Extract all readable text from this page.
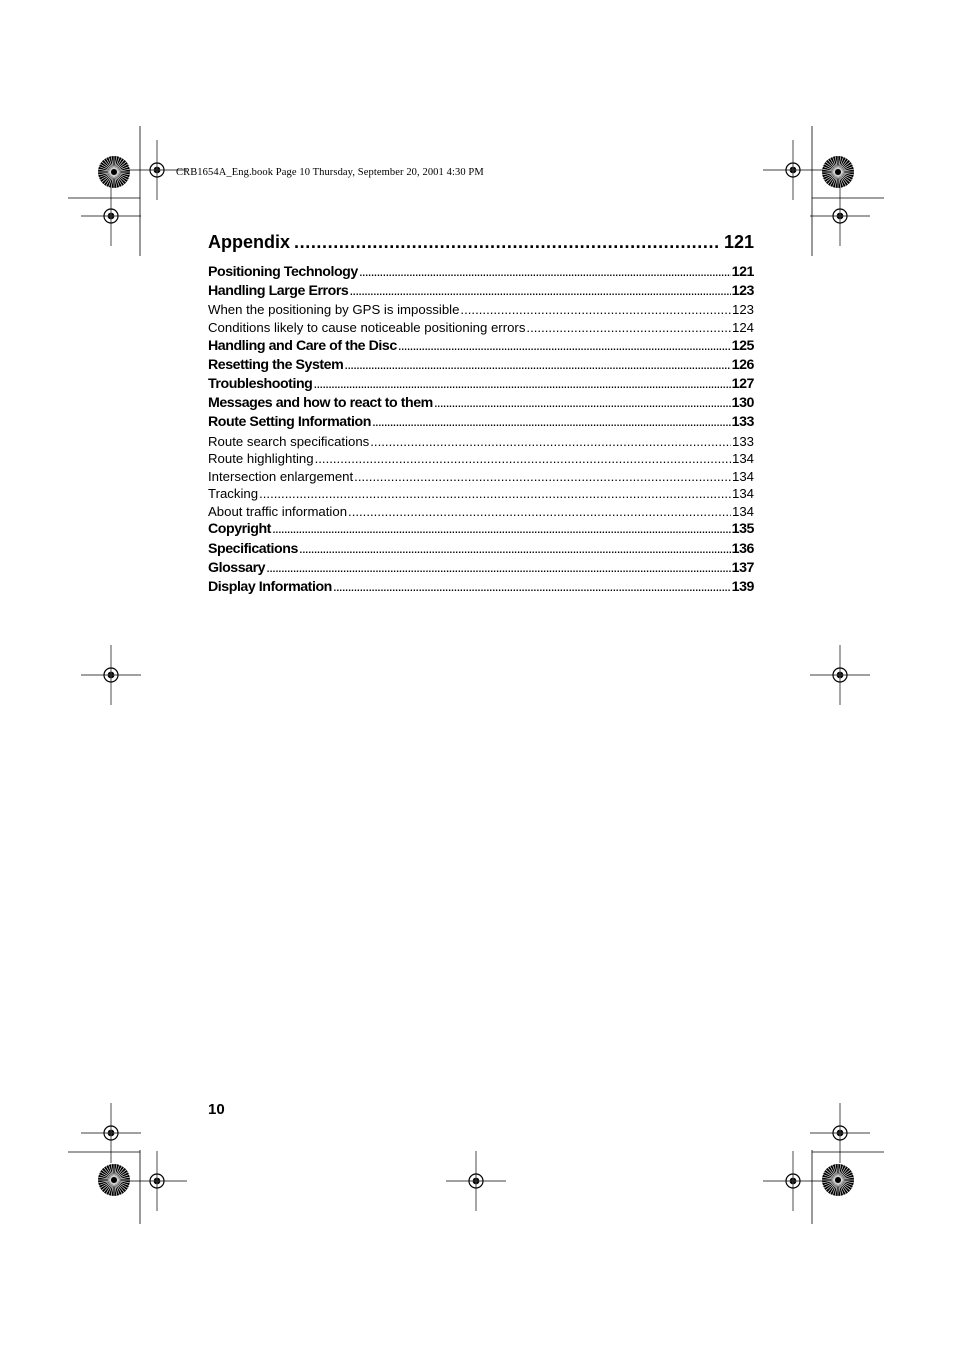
CRB1654A_Eng.book Page 10 Thursday, September 20, 2001 4:30 PM
Appendix .....	121
Positioning Technology .....	121
Handling Large Errors .....	123
When the positioning by GPS is impossible .....	123
Conditions likely to cause noticeable positioning errors .....	124
Handling and Care of the Disc .....	125
Resetting the System .....	126
Troubleshooting .....	127
Messages and how to react to them .....	130
Route Setting Information .....	133
Route search specifications .....	133
Route highlighting .....	134
Intersection enlargement .....	134
Tracking .....	134
About traffic information .....	134
Copyright .....	135
Specifications .....	136
Glossary .....	137
Display Information .....	139
10
